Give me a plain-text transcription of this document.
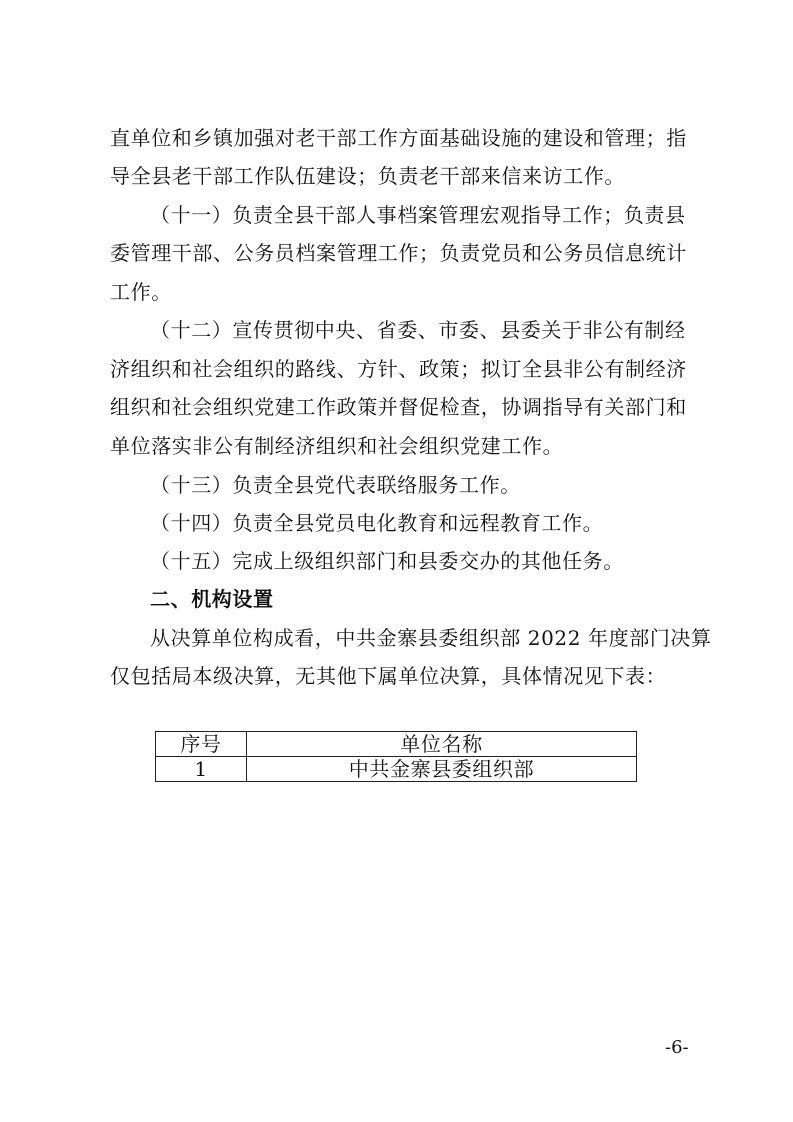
直单位和乡镇加强对老干部工作方面基础设施的建设和管理；指
导全县老干部工作队伍建设；负责老干部来信来访工作。
（十一）负责全县干部人事档案管理宏观指导工作；负责县
委管理干部、公务员档案管理工作；负责党员和公务员信息统计
工作。
（十二）宣传贯彻中央、省委、市委、县委关于非公有制经
济组织和社会组织的路线、方针、政策；拟订全县非公有制经济
组织和社会组织党建工作政策并督促检查，协调指导有关部门和
单位落实非公有制经济组织和社会组织党建工作。
（十三）负责全县党代表联络服务工作。
（十四）负责全县党员电化教育和远程教育工作。
（十五）完成上级组织部门和县委交办的其他任务。
二、机构设置
从决算单位构成看，中共金寨县委组织部 2022 年度部门决算
仅包括局本级决算，无其他下属单位决算，具体情况见下表：
序号	单位名称
1	中共金寨县委组织部
-6-
